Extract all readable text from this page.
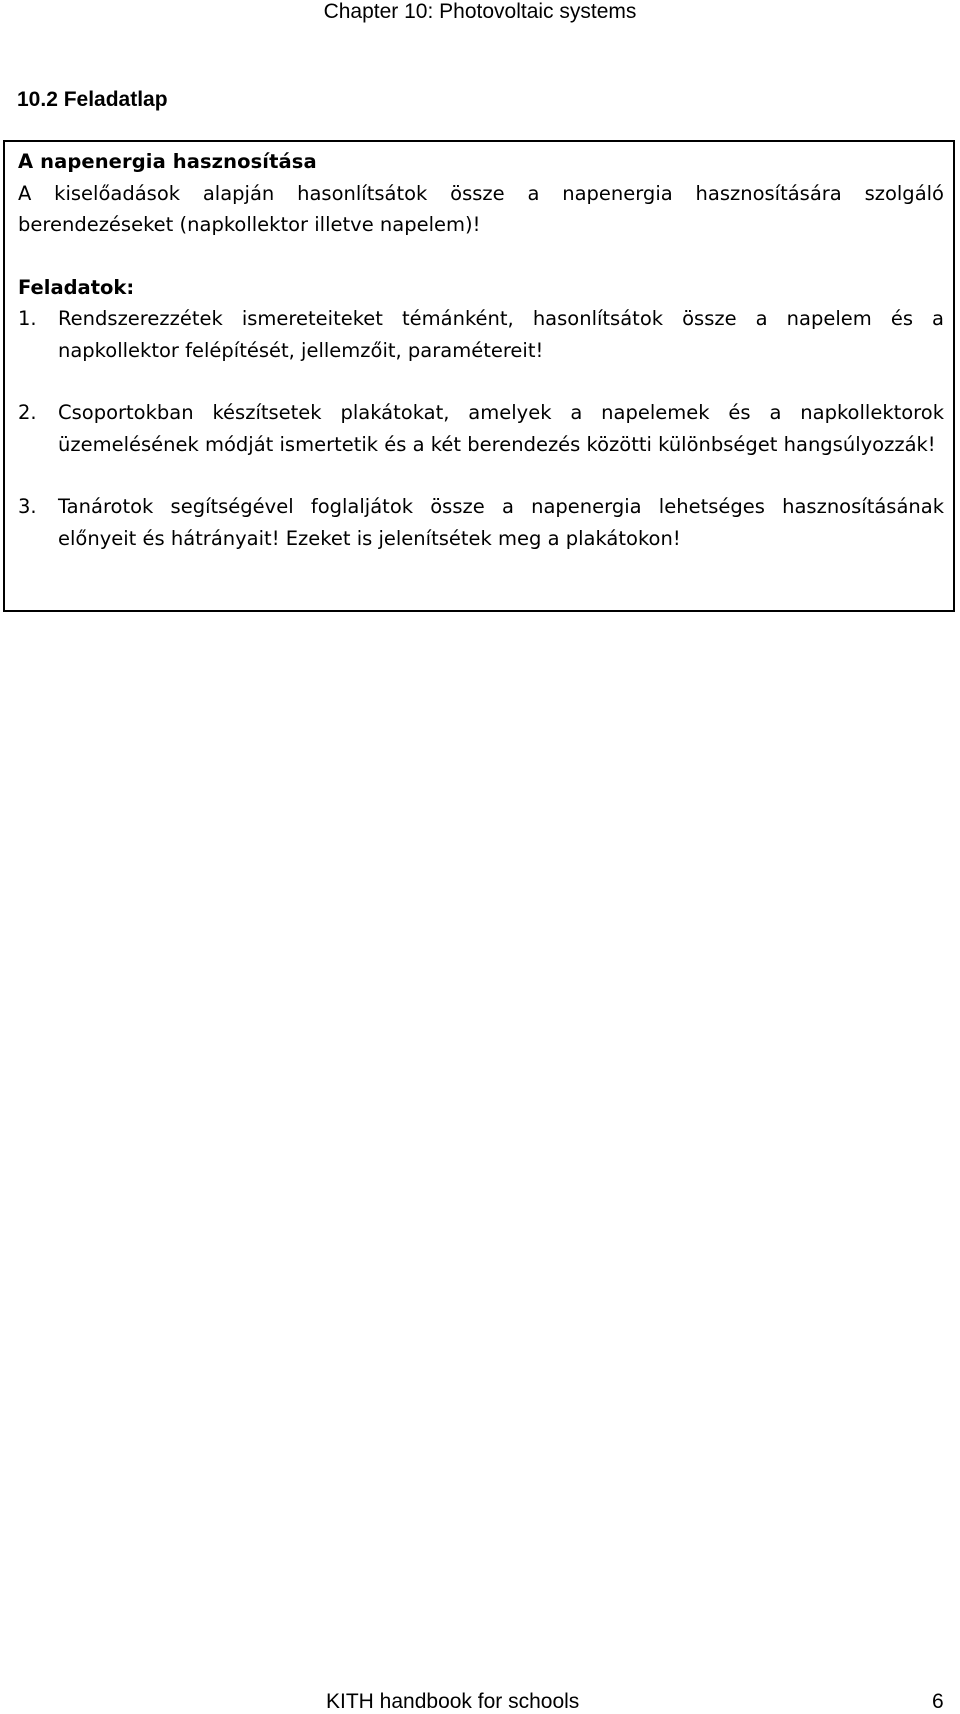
Chapter 10: Photovoltaic systems
10.2 Feladatlap
A napenergia hasznosítása
A kiselőadások alapján hasonlítsátok össze a napenergia hasznosítására szolgáló berendezéseket (napkollektor illetve napelem)!
Feladatok:
1. Rendszerezzétek ismereteiteket témánként, hasonlítsátok össze a napelem és a napkollektor felépítését, jellemzőit, paramétereit!
2. Csoportokban készítsetek plakátokat, amelyek a napelemek és a napkollektorok üzemelésének módját ismertetik és a két berendezés közötti különbséget hangsúlyozzák!
3. Tanárotok segítségével foglaljátok össze a napenergia lehetséges hasznosításának előnyeit és hátrányait! Ezeket is jelenítsétek meg a plakátokon!
KITH handbook for schools	6
